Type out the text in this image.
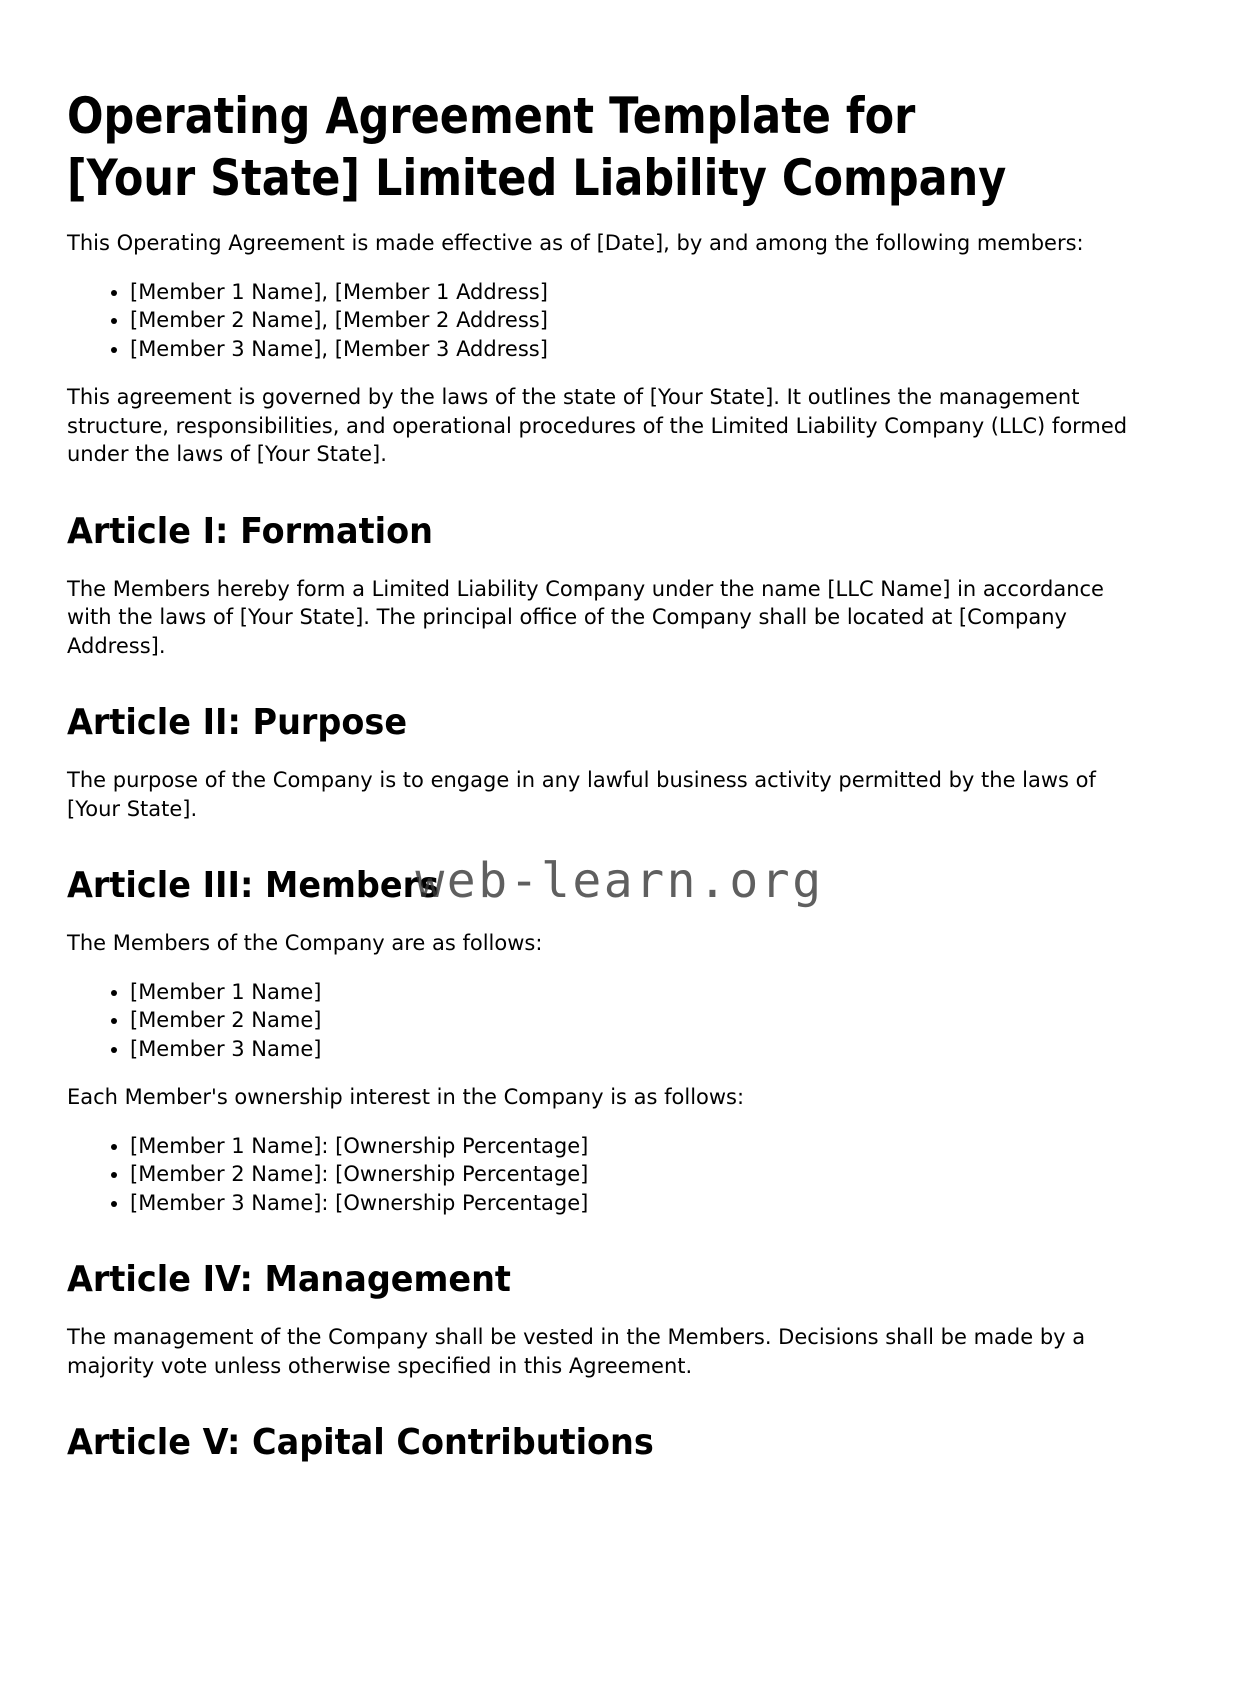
Operating Agreement Template for
[Your State] Limited Liability Company

This Operating Agreement is made effective as of [Date], by and among the following members:

• [Member 1 Name], [Member 1 Address]
• [Member 2 Name], [Member 2 Address]
• [Member 3 Name], [Member 3 Address]

This agreement is governed by the laws of the state of [Your State]. It outlines the management structure, responsibilities, and operational procedures of the Limited Liability Company (LLC) formed under the laws of [Your State].

Article I: Formation

The Members hereby form a Limited Liability Company under the name [LLC Name] in accordance with the laws of [Your State]. The principal office of the Company shall be located at [Company Address].

Article II: Purpose

The purpose of the Company is to engage in any lawful business activity permitted by the laws of [Your State].

Article III: Members

The Members of the Company are as follows:

• [Member 1 Name]
• [Member 2 Name]
• [Member 3 Name]

Each Member's ownership interest in the Company is as follows:

• [Member 1 Name]: [Ownership Percentage]
• [Member 2 Name]: [Ownership Percentage]
• [Member 3 Name]: [Ownership Percentage]
Article IV: Management

The management of the Company shall be vested in the Members. Decisions shall be made by a majority vote unless otherwise specified in this Agreement.

Article V: Capital Contributions
web-learn.org
